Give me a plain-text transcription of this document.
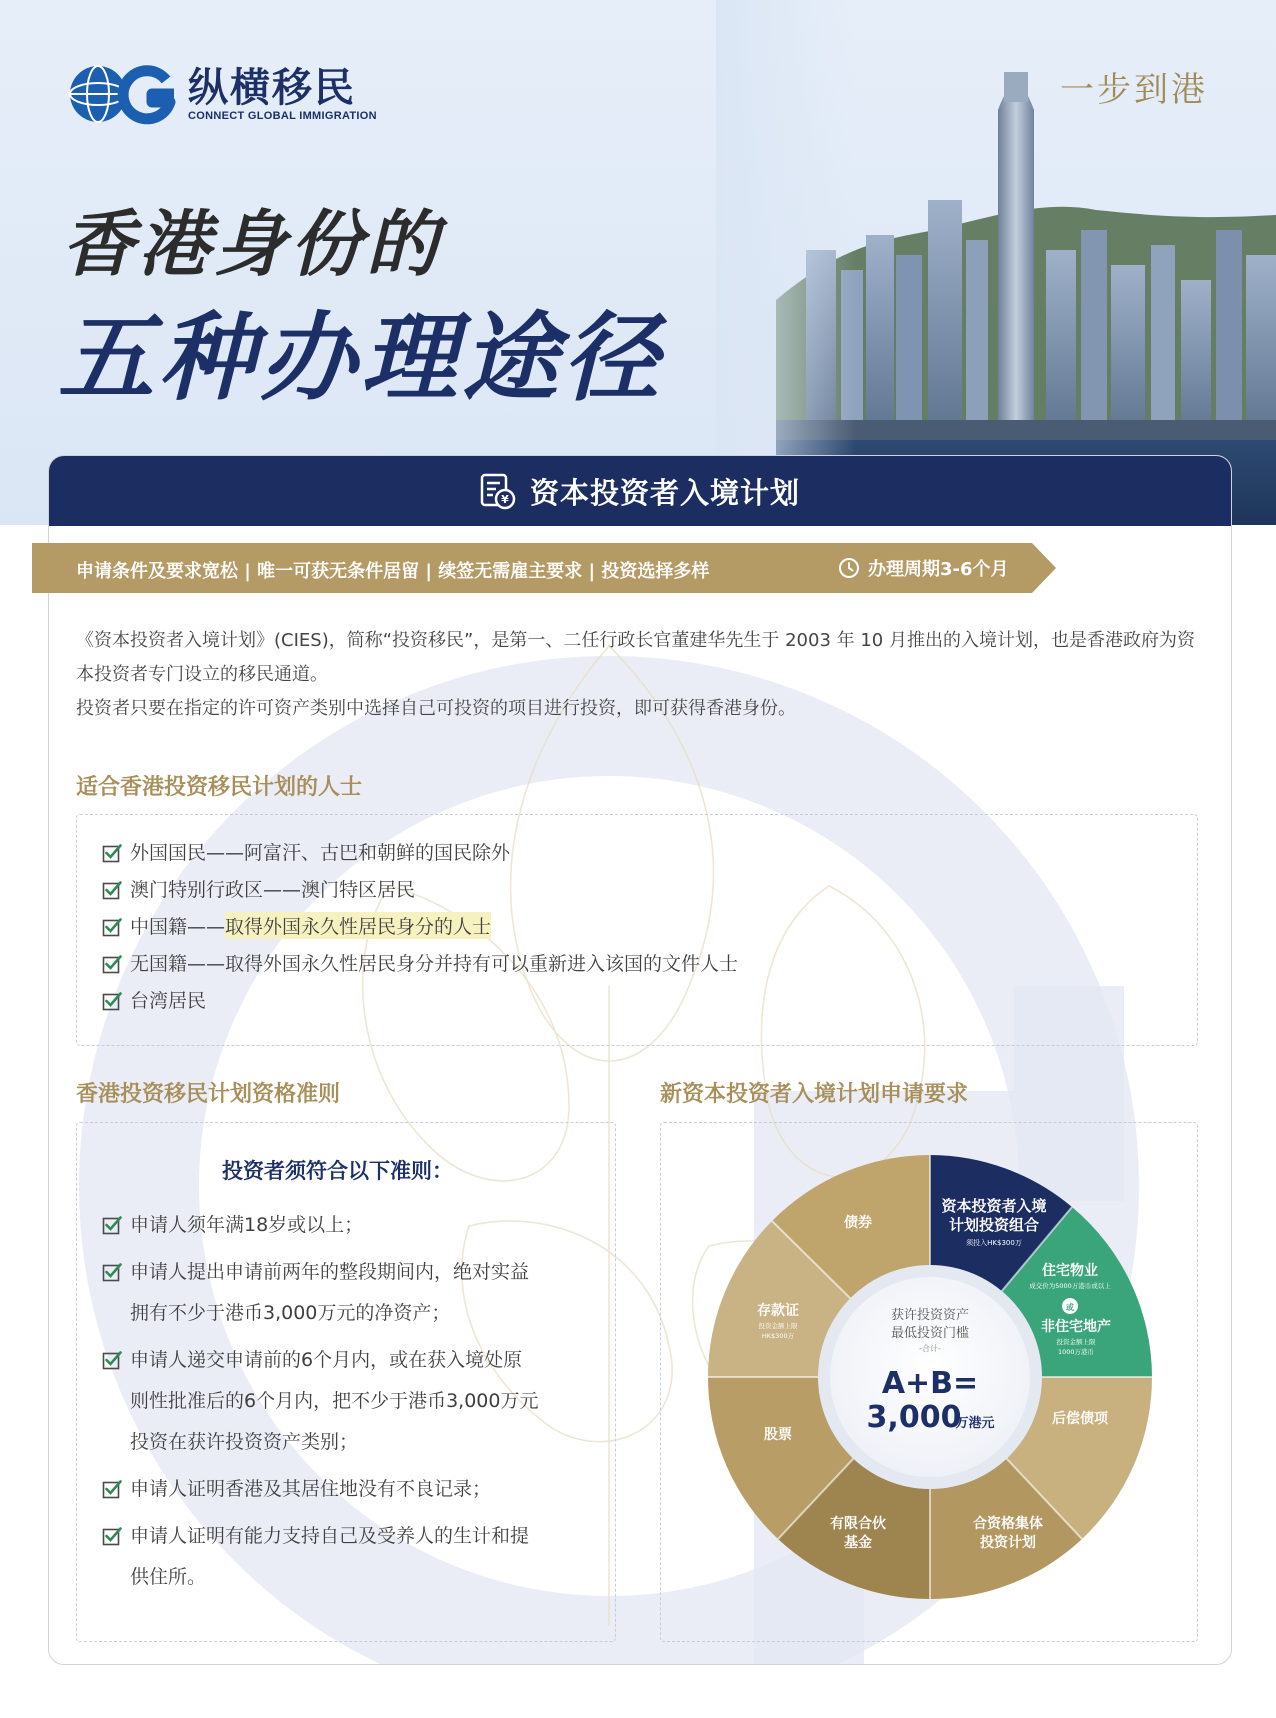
纵横移民
CONNECT GLOBAL IMMIGRATION
一步到港
香港身份的
五种办理途径
¥ 资本投资者入境计划
申请条件及要求宽松 | 唯一可获无条件居留 | 续签无需雇主要求 | 投资选择多样	办理周期3-6个月

《资本投资者入境计划》(CIES)，简称“投资移民”，是第一、二任行政长官董建华先生于 2003 年 10 月推出的入境计划，也是香港政府为资本投资者专门设立的移民通道。

投资者只要在指定的许可资产类别中选择自己可投资的项目进行投资，即可获得香港身份。

适合香港投资移民计划的人士
外国国民——阿富汗、古巴和朝鲜的国民除外
澳门特别行政区——澳门特区居民
中国籍—— 取得外国永久性居民身分的人士
无国籍——取得外国永久性居民身分并持有可以重新进入该国的文件人士
台湾居民
香港投资移民计划资格准则
投资者须符合以下准则：
申请人须年满18岁或以上；
申请人提出申请前两年的整段期间内，绝对实益
拥有不少于港币3,000万元的净资产；
申请人递交申请前的6个月内，或在获入境处原
则性批准后的6个月内，把不少于港币3,000万元
投资在获许投资资产类别；
申请人证明香港及其居住地没有不良记录；
申请人证明有能力支持自己及受养人的生计和提
供住所。
新资本投资者入境计划申请要求
获许投资资产
最低投资门槛
-合计-
A+B=
3,000
万港元
资本投资者入境
计划投资组合
须投入HK$300万
住宅物业
成交价为5000万港币或以上
或
非住宅地产
投资金额上限
1000万港币
后偿债项
合资格集体
投资计划
有限合伙
基金
股票
存款证
投资金额上限
HK$300万
债券
